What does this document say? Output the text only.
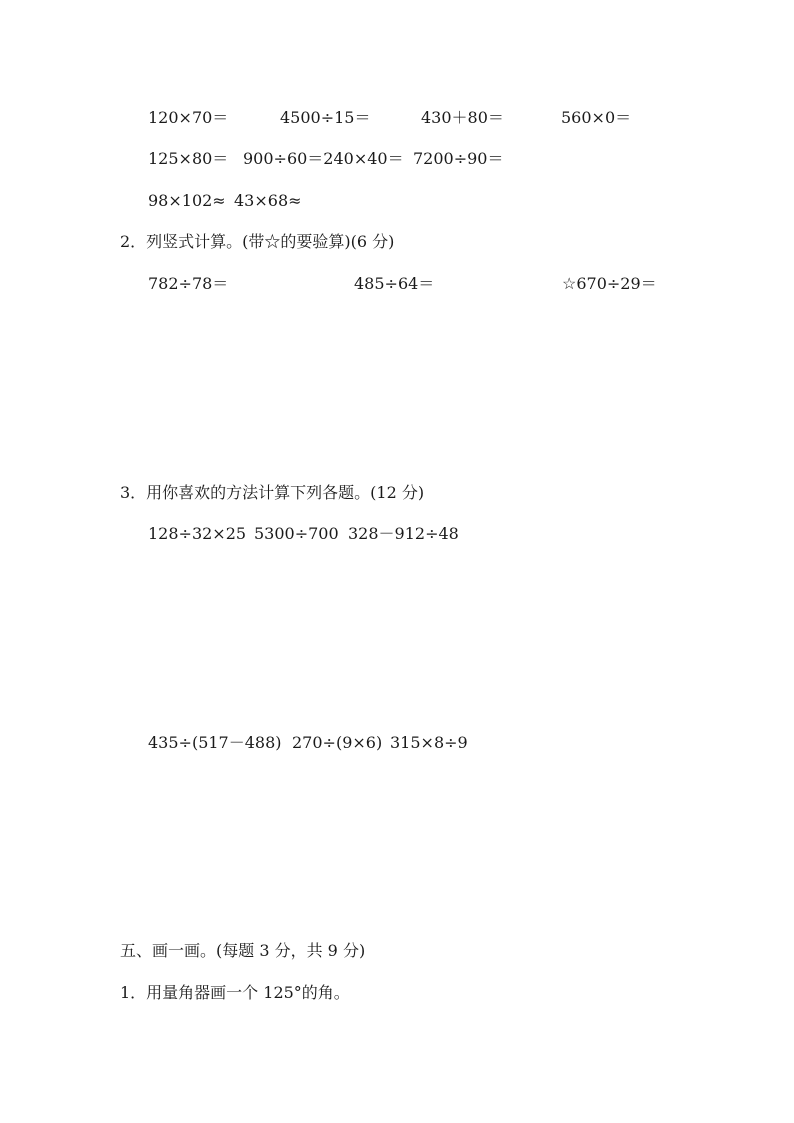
120×70＝	4500÷15＝	430＋80＝	560×0＝
125×80＝ 900÷60＝240×40＝ 7200÷90＝
98×102≈ 43×68≈
2．列竖式计算。(带☆的要验算)(6 分)
782÷78＝	485÷64＝	☆670÷29＝
3．用你喜欢的方法计算下列各题。(12 分)
128÷32×25 5300÷700 328－912÷48
435÷(517－488) 270÷(9×6) 315×8÷9
五、画一画。(每题 3 分，共 9 分)
1．用量角器画一个 125°的角。
